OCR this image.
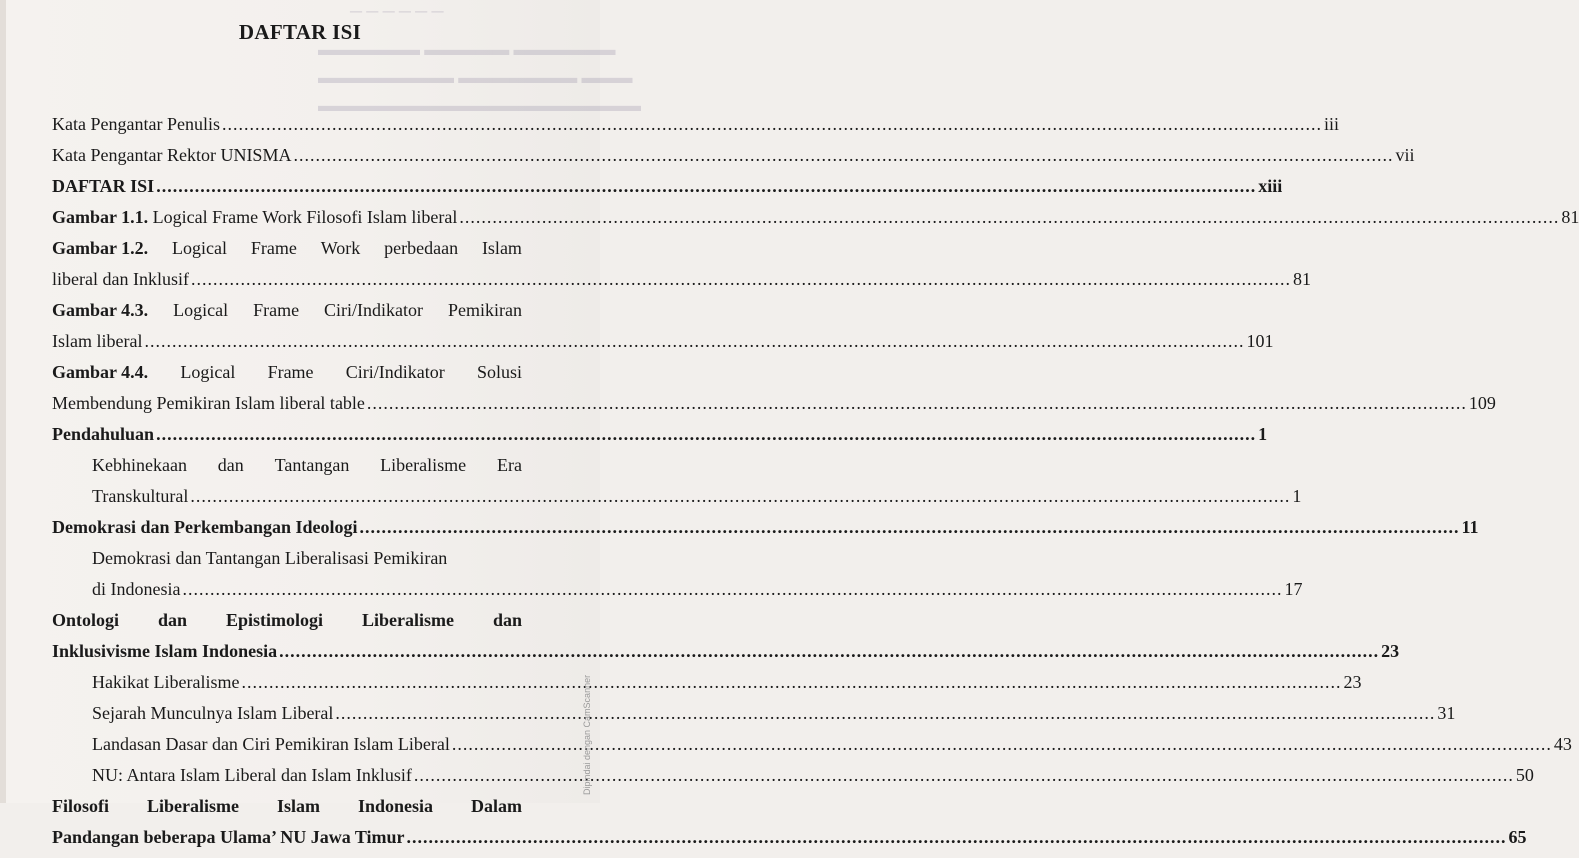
─ ─ ─ ─ ─ ─
▬▬▬▬▬▬ ▬▬▬▬▬ ▬▬▬▬▬▬
▬▬▬▬▬▬▬▬ ▬▬▬▬▬▬▬ ▬▬▬
▬▬▬▬▬▬▬▬▬▬▬▬▬▬▬▬▬▬▬
DAFTAR ISI
Kata Pengantar Penulis .....	iii
Kata Pengantar Rektor UNISMA .....	vii
DAFTAR ISI .....	xiii
Gambar 1.1. Logical Frame Work Filosofi Islam liberal .....	81
Gambar 1.2. Logical Frame Work perbedaan Islam
liberal dan Inklusif .....	81
Gambar 4.3. Logical Frame Ciri/Indikator Pemikiran
Islam liberal .....	101
Gambar 4.4. Logical Frame Ciri/Indikator Solusi
Membendung Pemikiran Islam liberal table .....	109
Pendahuluan .....	1
Kebhinekaan dan Tantangan Liberalisme Era
Transkultural .....	1
Demokrasi dan Perkembangan Ideologi .....	11
Demokrasi dan Tantangan Liberalisasi Pemikiran
di Indonesia .....	17
Ontologi dan Epistimologi Liberalisme dan
Inklusivisme Islam Indonesia .....	23
Hakikat Liberalisme .....	23
Sejarah Munculnya Islam Liberal .....	31
Landasan Dasar dan Ciri Pemikiran Islam Liberal .....	43
NU: Antara Islam Liberal dan Islam Inklusif .....	50
Filosofi Liberalisme Islam Indonesia Dalam
Pandangan beberapa Ulama’ NU Jawa Timur .....	65
Dipindai dengan CamScanner
